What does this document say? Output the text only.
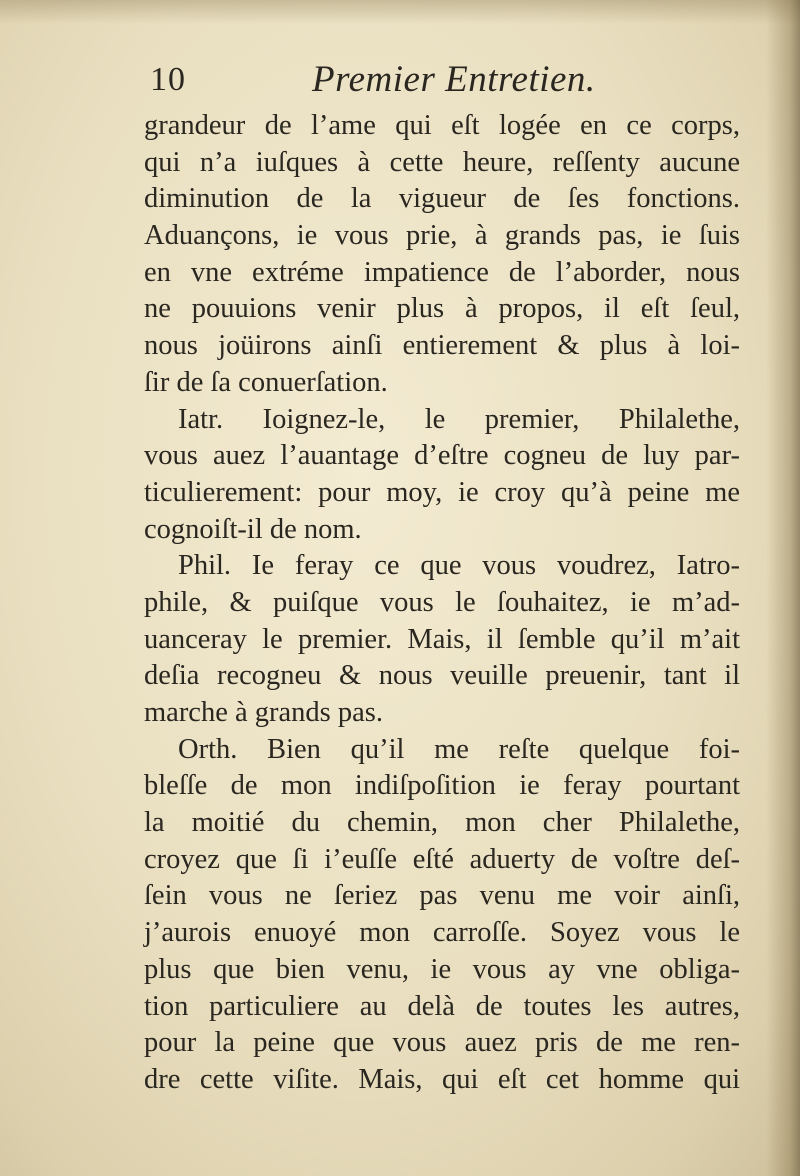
10	Premier Entretien.
grandeur de l’ame qui eſt logée en ce corps,
qui n’a iuſques à cette heure, reſſenty aucune
diminution de la vigueur de ſes fonctions.
Aduançons, ie vous prie, à grands pas, ie ſuis
en vne extréme impatience de l’aborder, nous
ne pouuions venir plus à propos, il eſt ſeul,
nous joüirons ainſi entierement & plus à loi-
ſir de ſa conuerſation.
Iatr. Ioignez-le, le premier, Philalethe,
vous auez l’auantage d’eſtre cogneu de luy par-
ticulierement: pour moy, ie croy qu’à peine me
cognoiſt-il de nom.
Phil. Ie feray ce que vous voudrez, Iatro-
phile, & puiſque vous le ſouhaitez, ie m’ad-
uanceray le premier. Mais, il ſemble qu’il m’ait
deſia recogneu & nous veuille preuenir, tant il
marche à grands pas.
Orth. Bien qu’il me reſte quelque foi-
bleſſe de mon indiſpoſition ie feray pourtant
la moitié du chemin, mon cher Philalethe,
croyez que ſi i’euſſe eſté aduerty de voſtre deſ-
ſein vous ne ſeriez pas venu me voir ainſi,
j’aurois enuoyé mon carroſſe. Soyez vous le
plus que bien venu, ie vous ay vne obliga-
tion particuliere au delà de toutes les autres,
pour la peine que vous auez pris de me ren-
dre cette viſite. Mais, qui eſt cet homme qui
